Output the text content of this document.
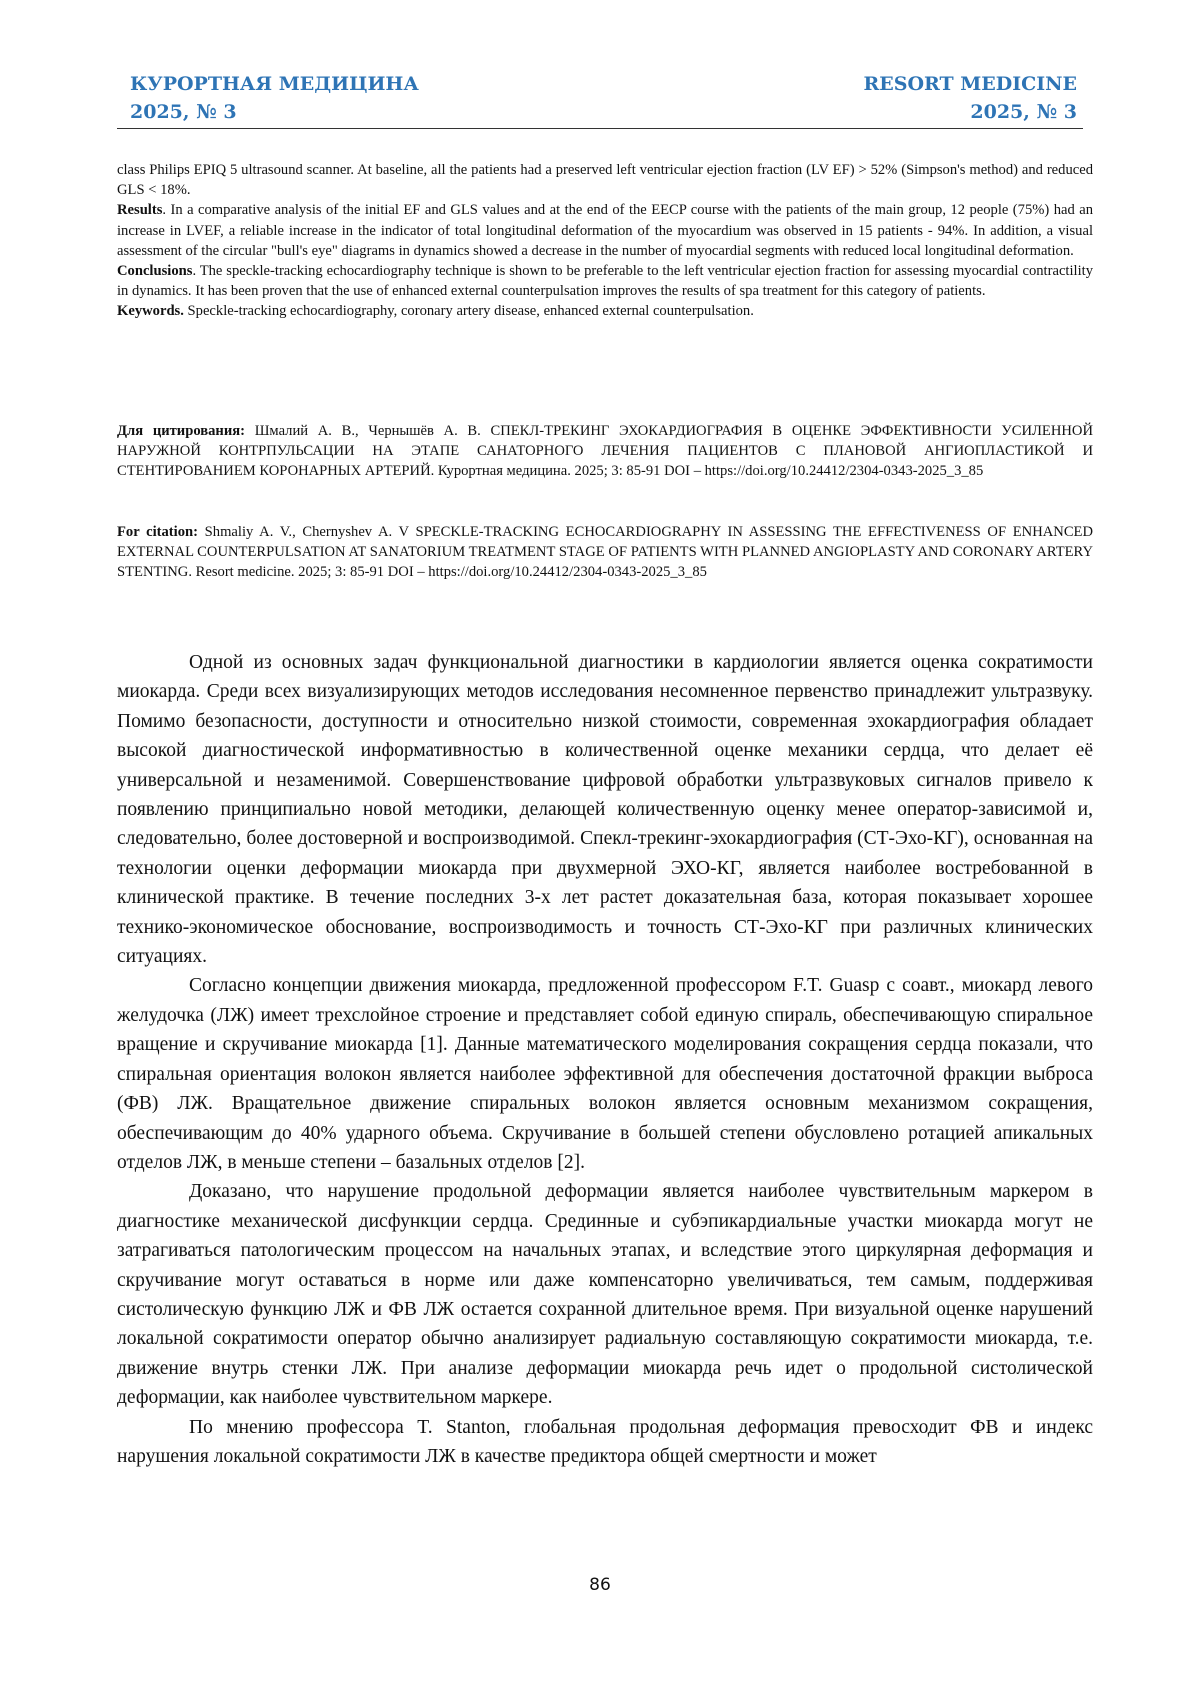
КУРОРТНАЯ МЕДИЦИНА
2025, № 3
RESORT MEDICINE
2025, № 3

class Philips EPIQ 5 ultrasound scanner. At baseline, all the patients had a preserved left ventricular ejection fraction (LV EF) > 52% (Simpson's method) and reduced GLS < 18%.

Results. In a comparative analysis of the initial EF and GLS values and at the end of the EECP course with the patients of the main group, 12 people (75%) had an increase in LVEF, a reliable increase in the indicator of total longitudinal deformation of the myocardium was observed in 15 patients - 94%. In addition, a visual assessment of the circular "bull's eye" diagrams in dynamics showed a decrease in the number of myocardial segments with reduced local longitudinal deformation.

Conclusions. The speckle-tracking echocardiography technique is shown to be preferable to the left ventricular ejection fraction for assessing myocardial contractility in dynamics. It has been proven that the use of enhanced external counterpulsation improves the results of spa treatment for this category of patients.

Keywords. Speckle-tracking echocardiography, coronary artery disease, enhanced external counterpulsation.

Для цитирования: Шмалий А. В., Чернышёв А. В. СПЕКЛ-ТРЕКИНГ ЭХОКАРДИОГРАФИЯ В ОЦЕНКЕ ЭФФЕКТИВНОСТИ УСИЛЕННОЙ НАРУЖНОЙ КОНТРПУЛЬСАЦИИ НА ЭТАПЕ САНАТОРНОГО ЛЕЧЕНИЯ ПАЦИЕНТОВ С ПЛАНОВОЙ АНГИОПЛАСТИКОЙ И СТЕНТИРОВАНИЕМ КОРОНАРНЫХ АРТЕРИЙ. Курортная медицина. 2025; 3: 85-91 DOI – https://doi.org/10.24412/2304-0343-2025_3_85
For citation: Shmaliy A. V., Chernyshev A. V SPECKLE-TRACKING ECHOCARDIOGRAPHY IN ASSESSING THE EFFECTIVENESS OF ENHANCED EXTERNAL COUNTERPULSATION AT SANATORIUM TREATMENT STAGE OF PATIENTS WITH PLANNED ANGIOPLASTY AND CORONARY ARTERY STENTING. Resort medicine. 2025; 3: 85-91 DOI – https://doi.org/10.24412/2304-0343-2025_3_85

Одной из основных задач функциональной диагностики в кардиологии является оценка сократимости миокарда. Среди всех визуализирующих методов исследования несомненное первенство принадлежит ультразвуку. Помимо безопасности, доступности и относительно низкой стоимости, современная эхокардиография обладает высокой диагностической информативностью в количественной оценке механики сердца, что делает её универсальной и незаменимой. Совершенствование цифровой обработки ультразвуковых сигналов привело к появлению принципиально новой методики, делающей количественную оценку менее оператор-зависимой и, следовательно, более достоверной и воспроизводимой. Спекл-трекинг-эхокардиография (СТ-Эхо-КГ), основанная на технологии оценки деформации миокарда при двухмерной ЭХО-КГ, является наиболее востребованной в клинической практике. В течение последних 3-х лет растет доказательная база, которая показывает хорошее технико-экономическое обоснование, воспроизводимость и точность СТ-Эхо-КГ при различных клинических ситуациях.

Согласно концепции движения миокарда, предложенной профессором F.T. Guasp с соавт., миокард левого желудочка (ЛЖ) имеет трехслойное строение и представляет собой единую спираль, обеспечивающую спиральное вращение и скручивание миокарда [1]. Данные математического моделирования сокращения сердца показали, что спиральная ориентация волокон является наиболее эффективной для обеспечения достаточной фракции выброса (ФВ) ЛЖ. Вращательное движение спиральных волокон является основным механизмом сокращения, обеспечивающим до 40% ударного объема. Скручивание в большей степени обусловлено ротацией апикальных отделов ЛЖ, в меньше степени – базальных отделов [2].

Доказано, что нарушение продольной деформации является наиболее чувствительным маркером в диагностике механической дисфункции сердца. Срединные и субэпикардиальные участки миокарда могут не затрагиваться патологическим процессом на начальных этапах, и вследствие этого циркулярная деформация и скручивание могут оставаться в норме или даже компенсаторно увеличиваться, тем самым, поддерживая систолическую функцию ЛЖ и ФВ ЛЖ остается сохранной длительное время. При визуальной оценке нарушений локальной сократимости оператор обычно анализирует радиальную составляющую сократимости миокарда, т.е. движение внутрь стенки ЛЖ. При анализе деформации миокарда речь идет о продольной систолической деформации, как наиболее чувствительном маркере.

По мнению профессора T. Stanton, глобальная продольная деформация превосходит ФВ и индекс нарушения локальной сократимости ЛЖ в качестве предиктора общей смертности и может

86
